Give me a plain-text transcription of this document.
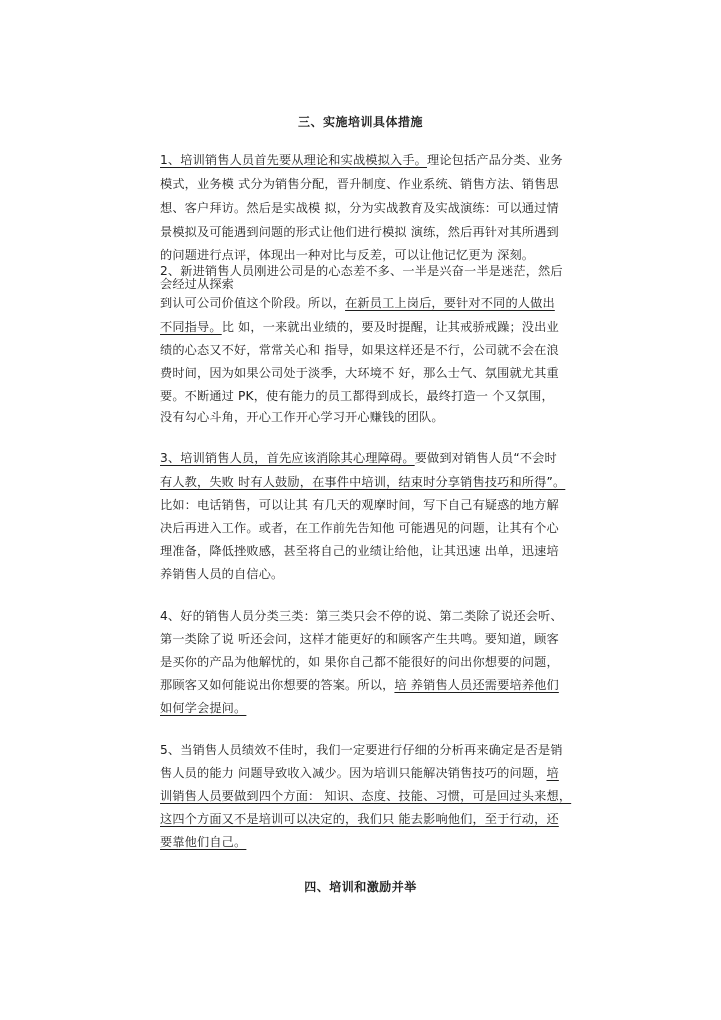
三、实施培训具体措施
1、培训销售人员首先要从理论和实战模拟入手。理论包括产品分类、业务
模式，业务模 式分为销售分配，晋升制度、作业系统、销售方法、销售思
想、客户拜访。然后是实战模 拟，分为实战教育及实战演练：可以通过情
景模拟及可能遇到问题的形式让他们进行模拟 演练，然后再针对其所遇到
的问题进行点评，体现出一种对比与反差，可以让他记忆更为 深刻。
2、新进销售人员刚进公司是的心态差不多、一半是兴奋一半是迷茫，然后
会经过从探索
到认可公司价值这个阶段。所以，在新员工上岗后，要针对不同的人做出
不同指导。比 如，一来就出业绩的，要及时提醒，让其戒骄戒躁；没出业
绩的心态又不好，常常关心和 指导，如果这样还是不行，公司就不会在浪
费时间，因为如果公司处于淡季，大环境不 好，那么士气、氛围就尤其重
要。不断通过 PK，使有能力的员工都得到成长，最终打造一 个又氛围，
没有勾心斗角，开心工作开心学习开心赚钱的团队。
3、培训销售人员，首先应该消除其心理障碍。要做到对销售人员“不会时
有人教，失败 时有人鼓励，在事件中培训，结束时分享销售技巧和所得”。
比如：电话销售，可以让其 有几天的观摩时间，写下自己有疑惑的地方解
决后再进入工作。或者，在工作前先告知他 可能遇见的问题，让其有个心
理准备，降低挫败感，甚至将自己的业绩让给他，让其迅速 出单，迅速培
养销售人员的自信心。
4、好的销售人员分类三类：第三类只会不停的说、第二类除了说还会听、
第一类除了说 听还会问，这样才能更好的和顾客产生共鸣。要知道，顾客
是买你的产品为他解忧的，如 果你自己都不能很好的问出你想要的问题，
那顾客又如何能说出你想要的答案。所以，培 养销售人员还需要培养他们
如何学会提问。
5、当销售人员绩效不佳时，我们一定要进行仔细的分析再来确定是否是销
售人员的能力 问题导致收入减少。因为培训只能解决销售技巧的问题，培
训销售人员要做到四个方面： 知识、态度、技能、习惯，可是回过头来想，
这四个方面又不是培训可以决定的，我们只 能去影响他们，至于行动，还
要靠他们自己。
四、培训和激励并举
